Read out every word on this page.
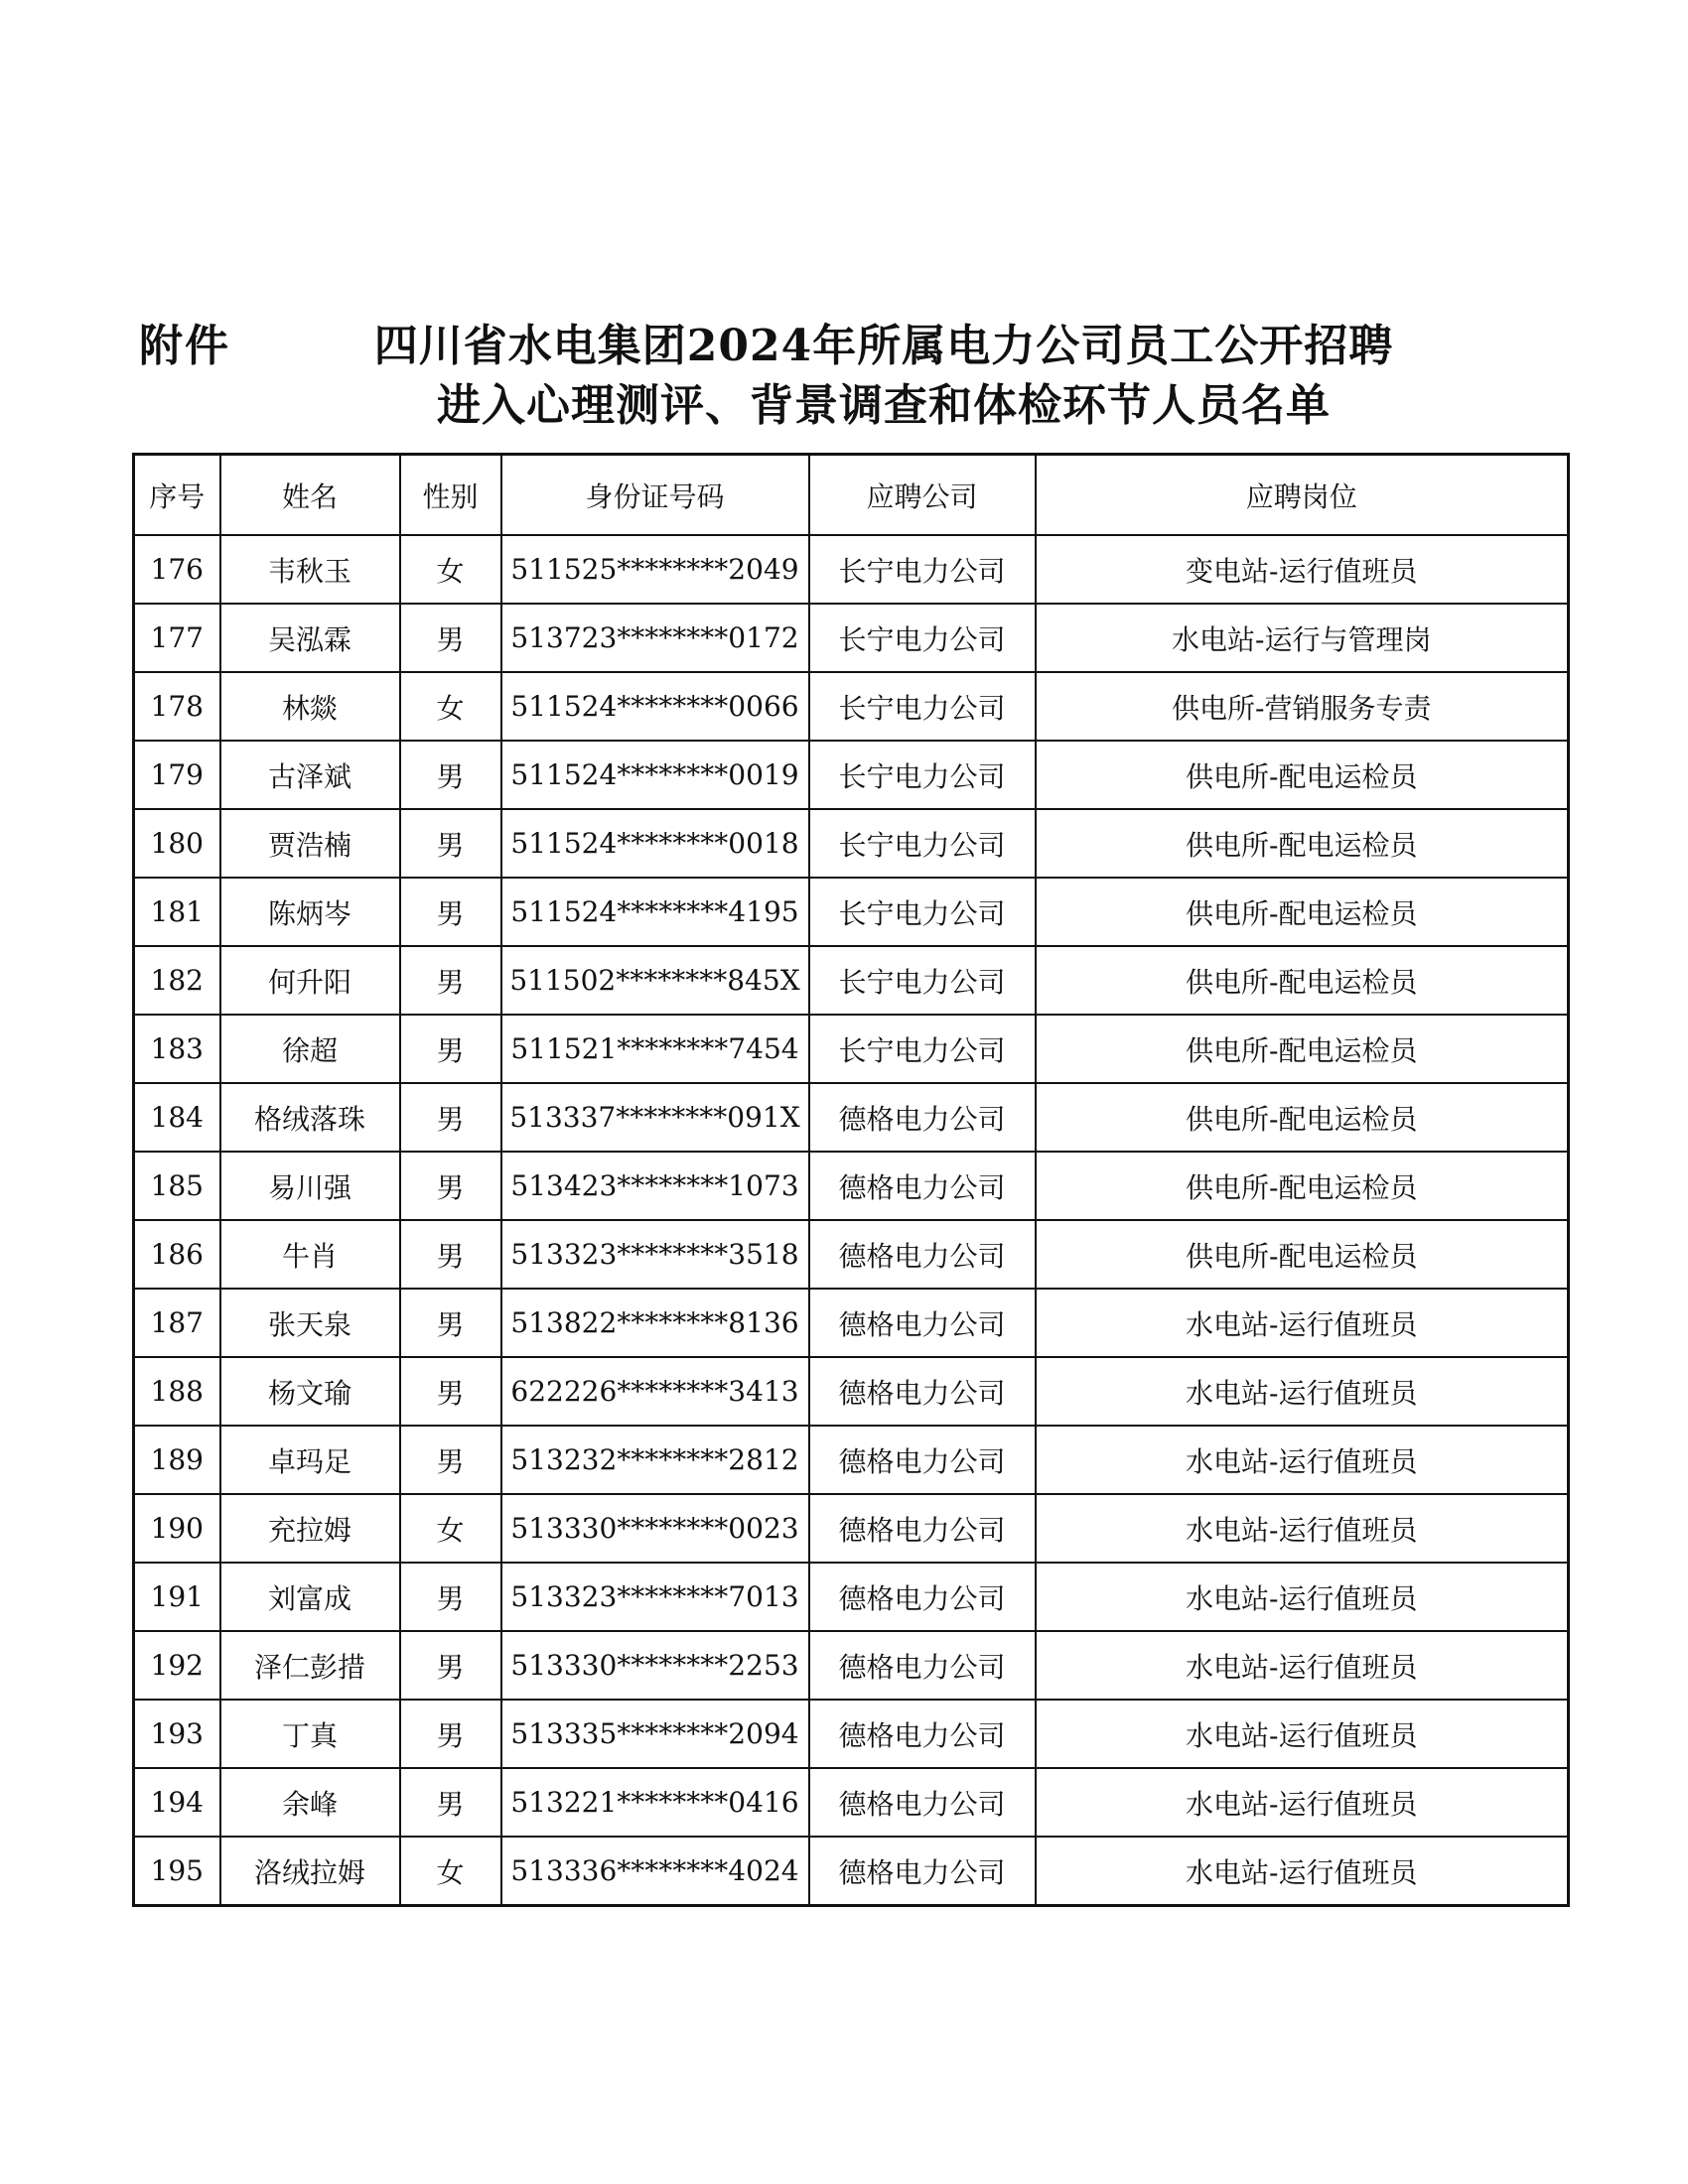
附件	四川省水电集团2024年所属电力公司员工公开招聘
进入心理测评、背景调查和体检环节人员名单
序号	姓名	性别	身份证号码	应聘公司	应聘岗位
176	韦秋玉	女	511525********2049	长宁电力公司	变电站-运行值班员
177	吴泓霖	男	513723********0172	长宁电力公司	水电站-运行与管理岗
178	林燚	女	511524********0066	长宁电力公司	供电所-营销服务专责
179	古泽斌	男	511524********0019	长宁电力公司	供电所-配电运检员
180	贾浩楠	男	511524********0018	长宁电力公司	供电所-配电运检员
181	陈炳岑	男	511524********4195	长宁电力公司	供电所-配电运检员
182	何升阳	男	511502********845X	长宁电力公司	供电所-配电运检员
183	徐超	男	511521********7454	长宁电力公司	供电所-配电运检员
184	格绒落珠	男	513337********091X	德格电力公司	供电所-配电运检员
185	易川强	男	513423********1073	德格电力公司	供电所-配电运检员
186	牛肖	男	513323********3518	德格电力公司	供电所-配电运检员
187	张天泉	男	513822********8136	德格电力公司	水电站-运行值班员
188	杨文瑜	男	622226********3413	德格电力公司	水电站-运行值班员
189	卓玛足	男	513232********2812	德格电力公司	水电站-运行值班员
190	充拉姆	女	513330********0023	德格电力公司	水电站-运行值班员
191	刘富成	男	513323********7013	德格电力公司	水电站-运行值班员
192	泽仁彭措	男	513330********2253	德格电力公司	水电站-运行值班员
193	丁真	男	513335********2094	德格电力公司	水电站-运行值班员
194	余峰	男	513221********0416	德格电力公司	水电站-运行值班员
195	洛绒拉姆	女	513336********4024	德格电力公司	水电站-运行值班员
